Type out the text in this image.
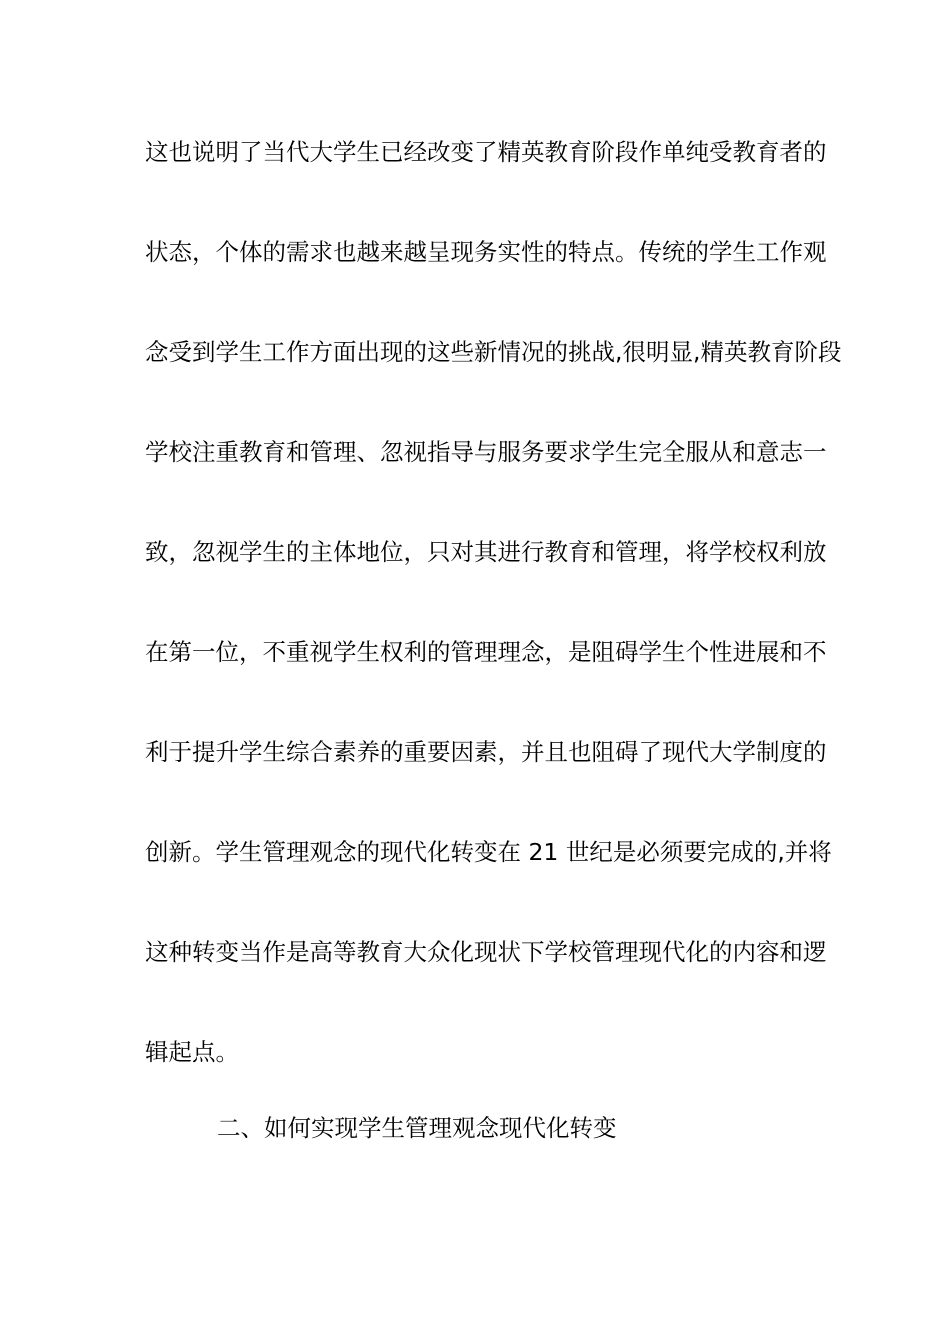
这也说明了当代大学生已经改变了精英教育阶段作单纯受教育者的
状态，个体的需求也越来越呈现务实性的特点。传统的学生工作观
念受到学生工作方面出现的这些新情况的挑战,很明显,精英教育阶段
学校注重教育和管理、忽视指导与服务要求学生完全服从和意志一
致，忽视学生的主体地位，只对其进行教育和管理，将学校权利放
在第一位，不重视学生权利的管理理念，是阻碍学生个性进展和不
利于提升学生综合素养的重要因素，并且也阻碍了现代大学制度的
创新。学生管理观念的现代化转变在 21 世纪是必须要完成的,并将
这种转变当作是高等教育大众化现状下学校管理现代化的内容和逻
辑起点。
二、如何实现学生管理观念现代化转变
